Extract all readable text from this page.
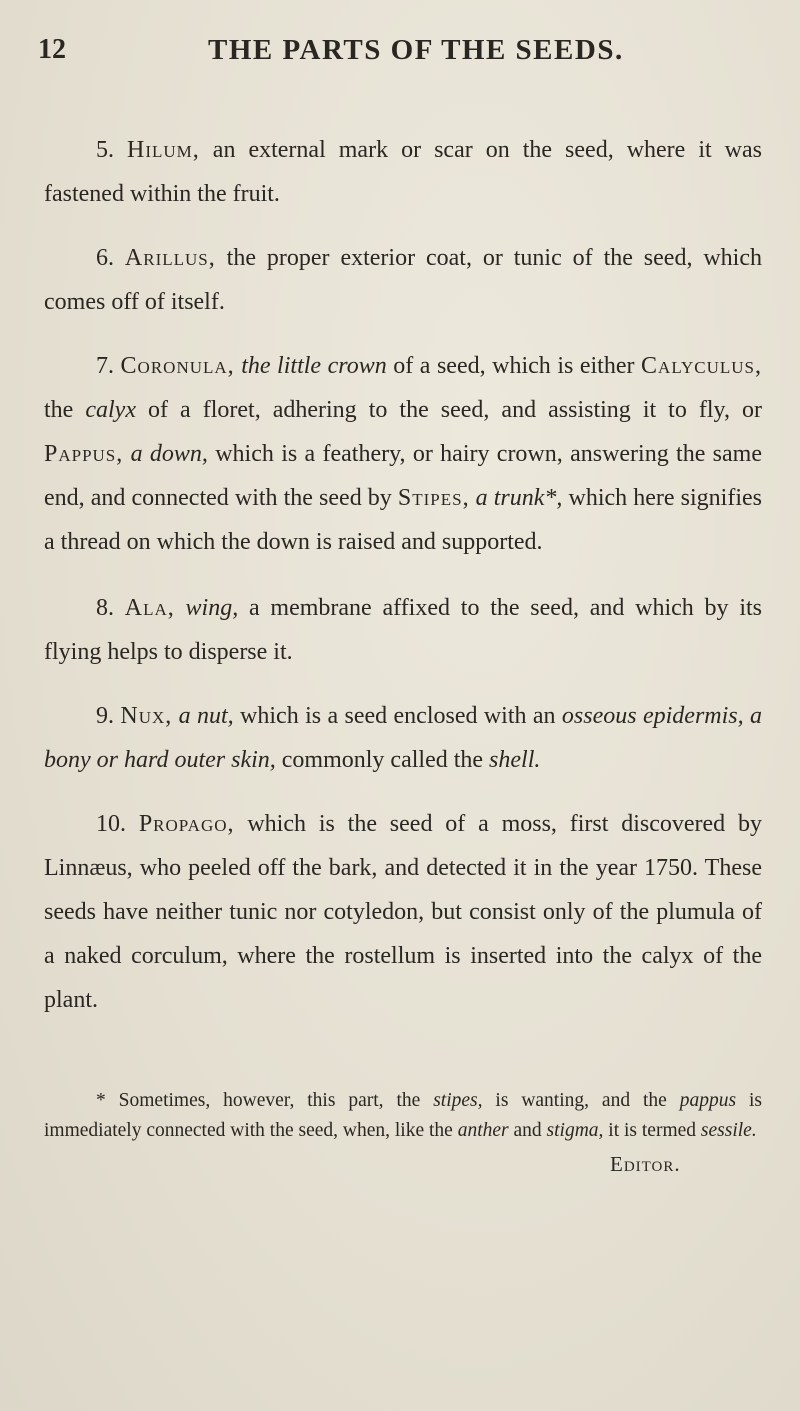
12	THE PARTS OF THE SEEDS.

5. Hilum, an external mark or scar on the seed, where it was fastened within the fruit.

6. Arillus, the proper exterior coat, or tunic of the seed, which comes off of itself.

7. Coronula, the little crown of a seed, which is either Calyculus, the calyx of a floret, adhering to the seed, and assisting it to fly, or Pappus, a down, which is a feathery, or hairy crown, answering the same end, and connected with the seed by Stipes, a trunk*, which here signifies a thread on which the down is raised and supported.

8. Ala, wing, a membrane affixed to the seed, and which by its flying helps to disperse it.

9. Nux, a nut, which is a seed enclosed with an osseous epidermis, a bony or hard outer skin, commonly called the shell.

10. Propago, which is the seed of a moss, first discovered by Linnæus, who peeled off the bark, and detected it in the year 1750. These seeds have neither tunic nor cotyledon, but consist only of the plumula of a naked corculum, where the rostellum is inserted into the calyx of the plant.

* Sometimes, however, this part, the stipes, is wanting, and the pappus is immediately connected with the seed, when, like the anther and stigma, it is termed sessile.

Editor.
